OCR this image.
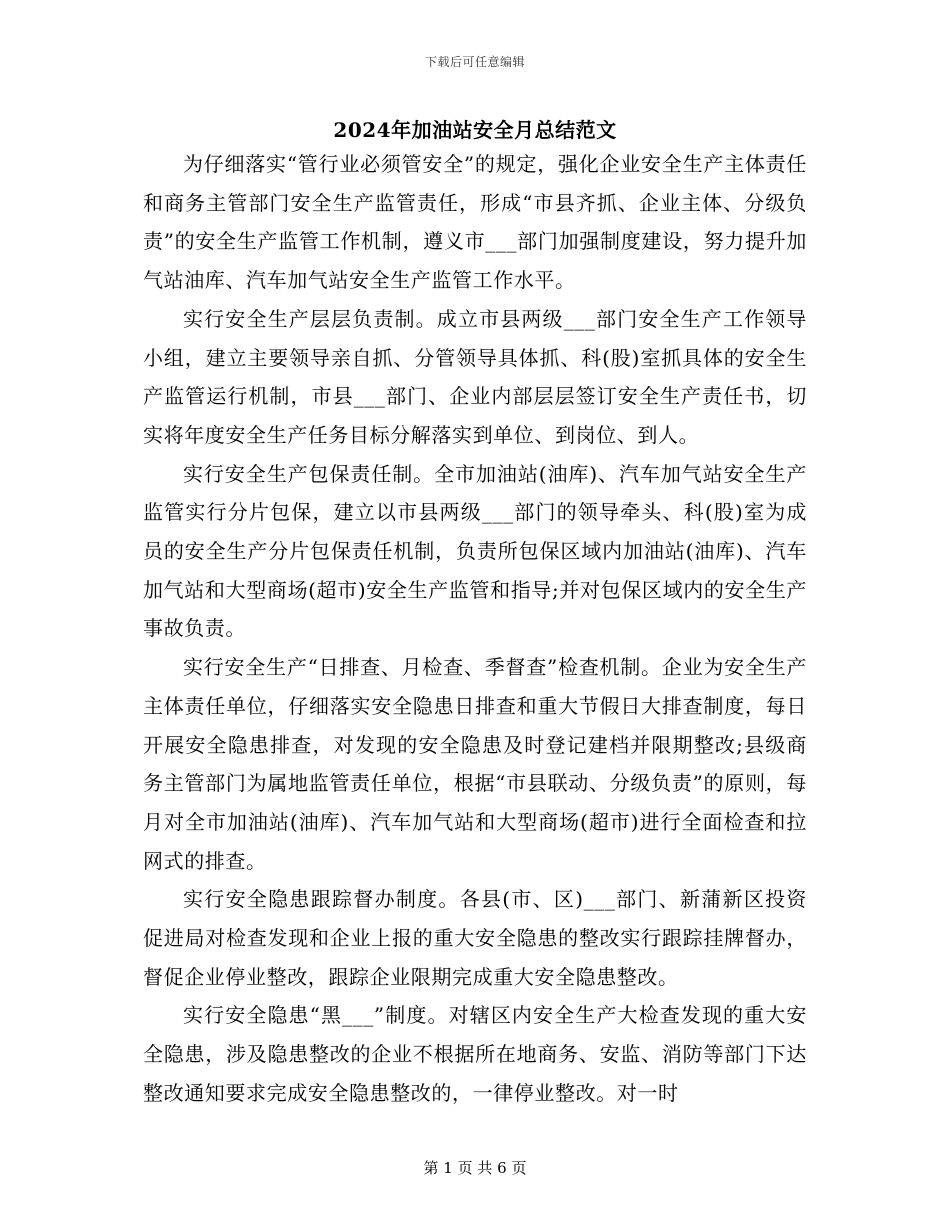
下载后可任意编辑
2024年加油站安全月总结范文

为仔细落实“管行业必须管安全”的规定，强化企业安全生产主体责任和商务主管部门安全生产监管责任，形成“市县齐抓、企业主体、分级负责”的安全生产监管工作机制，遵义市___部门加强制度建设，努力提升加气站油库、汽车加气站安全生产监管工作水平。

实行安全生产层层负责制。成立市县两级___部门安全生产工作领导小组，建立主要领导亲自抓、分管领导具体抓、科(股)室抓具体的安全生产监管运行机制，市县___部门、企业内部层层签订安全生产责任书，切实将年度安全生产任务目标分解落实到单位、到岗位、到人。

实行安全生产包保责任制。全市加油站(油库)、汽车加气站安全生产监管实行分片包保，建立以市县两级___部门的领导牵头、科(股)室为成员的安全生产分片包保责任机制，负责所包保区域内加油站(油库)、汽车加气站和大型商场(超市)安全生产监管和指导;并对包保区域内的安全生产事故负责。

实行安全生产“日排查、月检查、季督查”检查机制。企业为安全生产主体责任单位，仔细落实安全隐患日排查和重大节假日大排查制度，每日开展安全隐患排查，对发现的安全隐患及时登记建档并限期整改;县级商务主管部门为属地监管责任单位，根据“市县联动、分级负责”的原则，每月对全市加油站(油库)、汽车加气站和大型商场(超市)进行全面检查和拉网式的排查。

实行安全隐患跟踪督办制度。各县(市、区)___部门、新蒲新区投资促进局对检查发现和企业上报的重大安全隐患的整改实行跟踪挂牌督办，督促企业停业整改，跟踪企业限期完成重大安全隐患整改。

实行安全隐患“黑___”制度。对辖区内安全生产大检查发现的重大安全隐患，涉及隐患整改的企业不根据所在地商务、安监、消防等部门下达整改通知要求完成安全隐患整改的，一律停业整改。对一时

第 1 页 共 6 页
